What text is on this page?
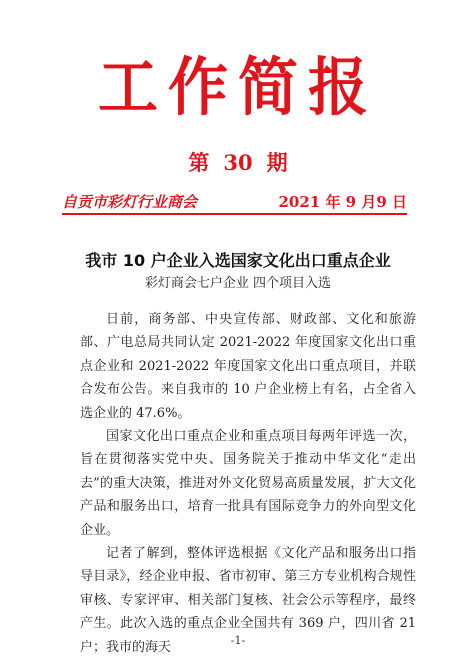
工作简报
第 30 期
自贡市彩灯行业商会	2021 年 9 月9 日
我市 10 户企业入选国家文化出口重点企业
彩灯商会七户企业 四个项目入选

日前，商务部、中央宣传部、财政部、文化和旅游部、广电总局共同认定 2021-2022 年度国家文化出口重点企业和 2021-2022 年度国家文化出口重点项目，并联合发布公告。来自我市的 10 户企业榜上有名，占全省入选企业的 47.6%。

国家文化出口重点企业和重点项目每两年评选一次，旨在贯彻落实党中央、国务院关于推动中华文化“走出去”的重大决策，推进对外文化贸易高质量发展，扩大文化产品和服务出口，培育一批具有国际竞争力的外向型文化企业。

记者了解到，整体评选根据《文化产品和服务出口指导目录》，经企业申报、省市初审、第三方专业机构合规性审核、专家评审、相关部门复核、社会公示等程序，最终产生。此次入选的重点企业全国共有 369 户，四川省 21 户；我市的海天	-1-
